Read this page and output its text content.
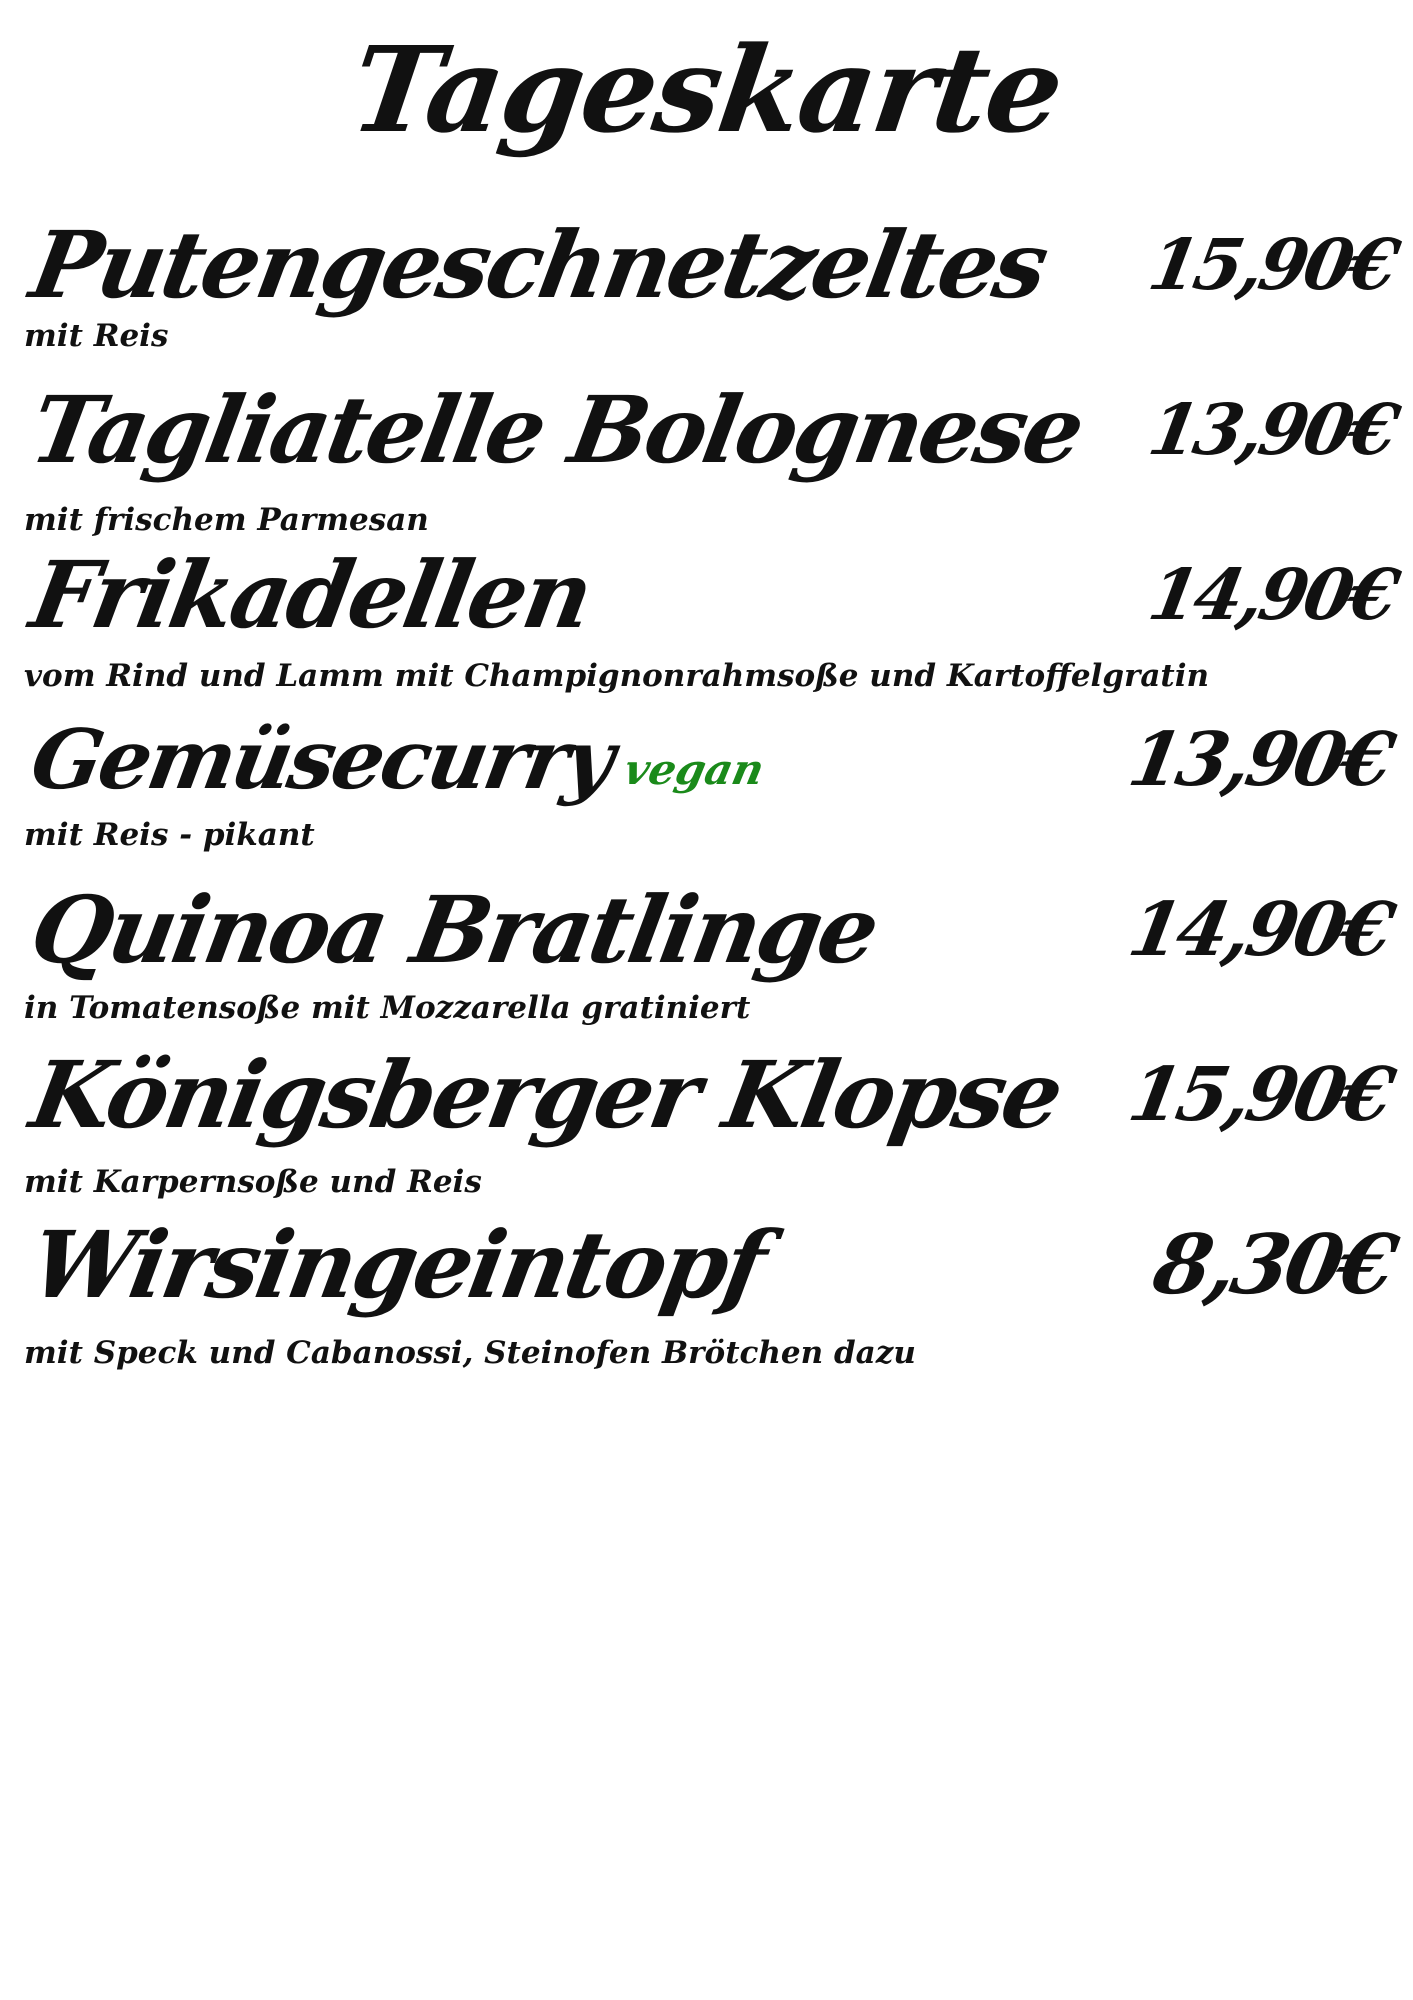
Tageskarte
Putengeschnetzeltes 15,90€
mit Reis
Tagliatelle Bolognese 13,90€
mit frischem Parmesan
Frikadellen	14,90€
vom Rind und Lamm mit Champignonrahmsoße und Kartoffelgratin
Gemüsecurry vegan	13,90€
mit Reis - pikant
Quinoa Bratlinge	14,90€
in Tomatensoße mit Mozzarella gratiniert
Königsberger Klopse 15,90€
mit Karpernsoße und Reis
Wirsingeintopf	8,30€
mit Speck und Cabanossi, Steinofen Brötchen dazu
